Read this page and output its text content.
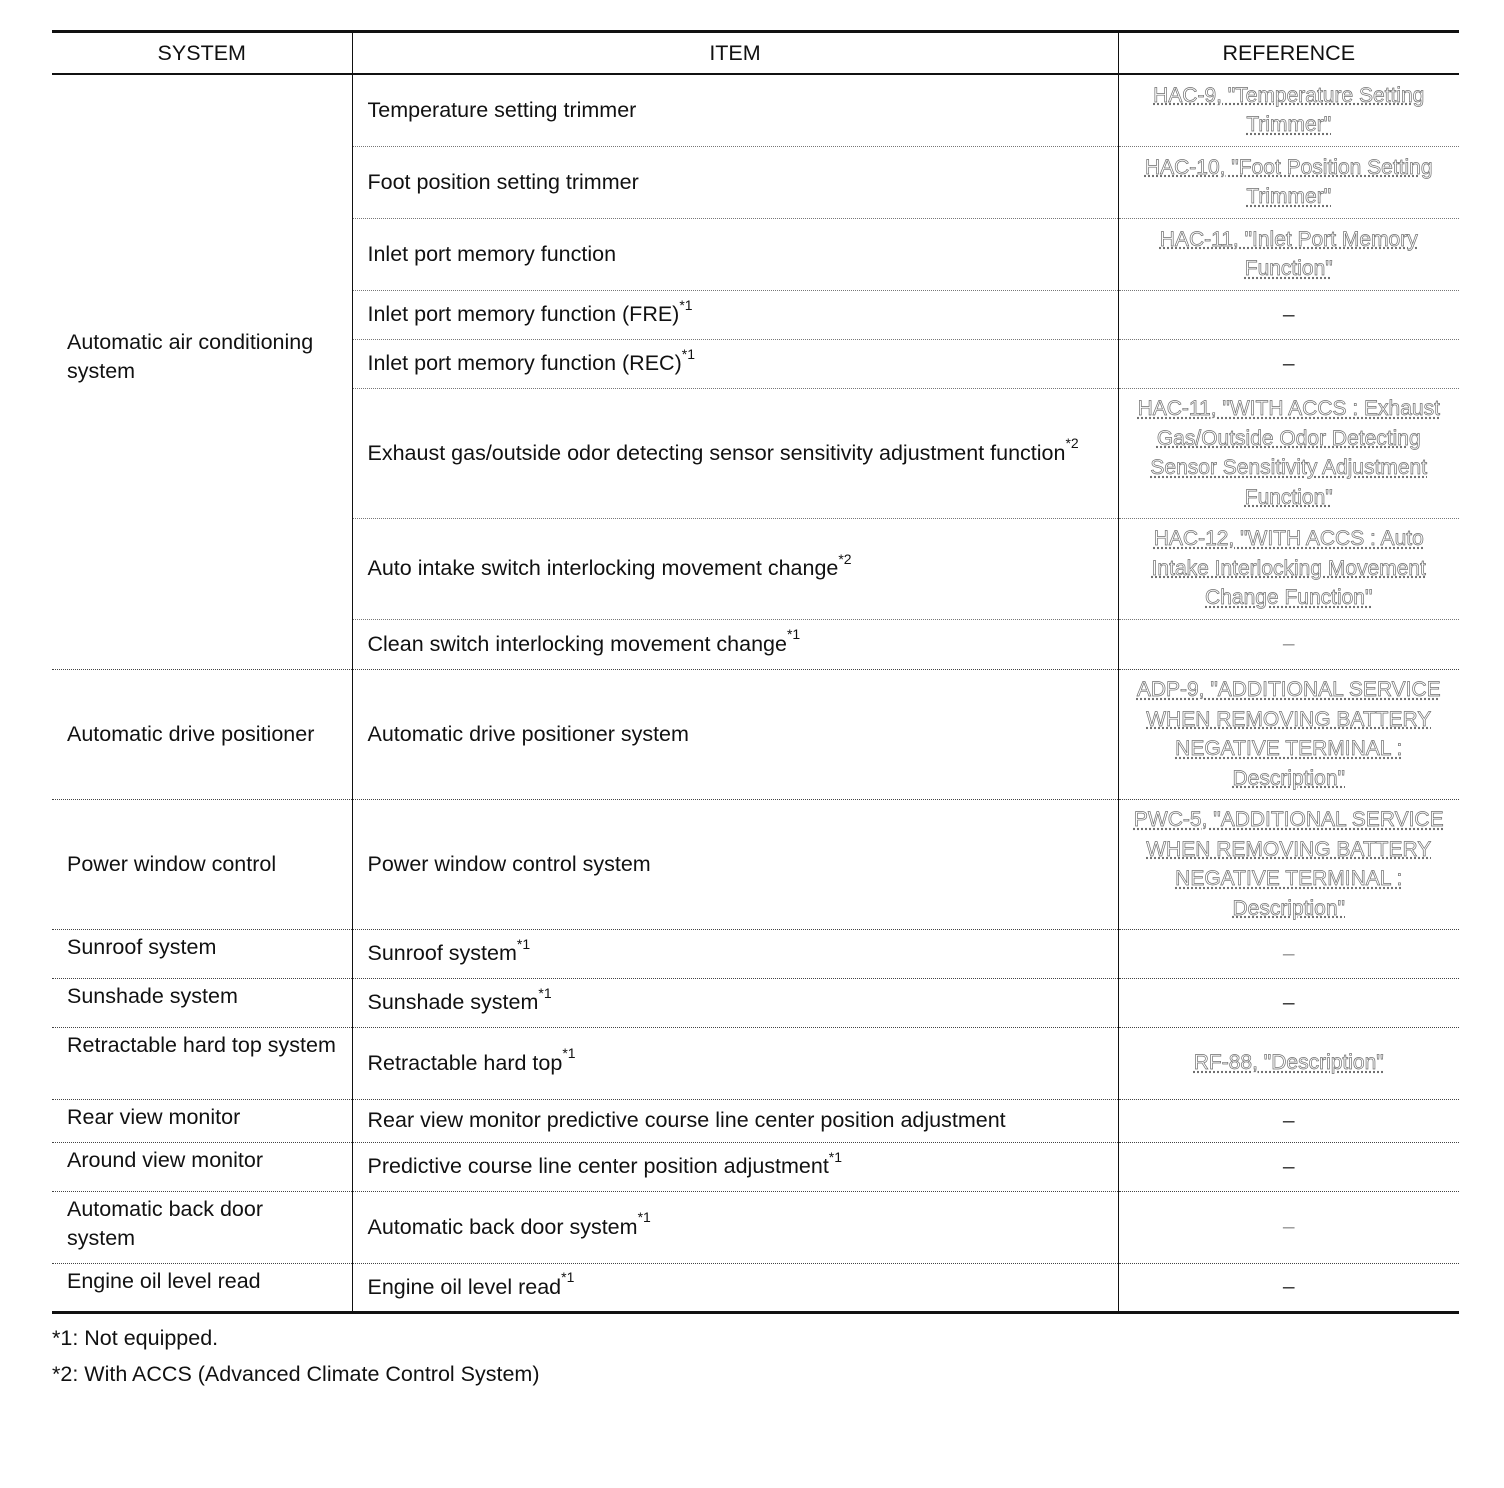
SYSTEM	ITEM	REFERENCE

Automatic air conditioning system	Temperature setting trimmer	HAC-9, "Temperature Setting Trimmer"
	Foot position setting trimmer	HAC-10, "Foot Position Setting Trimmer"
	Inlet port memory function	HAC-11, "Inlet Port Memory Function"
	Inlet port memory function (FRE)$^{*1}$	–
	Inlet port memory function (REC)$^{*1}$	–
	Exhaust gas/outside odor detecting sensor sensitivity adjustment function$^{*2}$	HAC-11, "WITH ACCS : Exhaust Gas/Outside Odor Detecting Sensor Sensitivity Adjustment Function"
	Auto intake switch interlocking movement change$^{*2}$	HAC-12, "WITH ACCS : Auto Intake Interlocking Movement Change Function"
	Clean switch interlocking movement change$^{*1}$	–
Automatic drive positioner	Automatic drive positioner system	ADP-9, "ADDITIONAL SERVICE WHEN REMOVING BATTERY NEGATIVE TERMINAL : Description"
Power window control	Power window control system	PWC-5, "ADDITIONAL SERVICE WHEN REMOVING BATTERY NEGATIVE TERMINAL : Description"
Sunroof system	Sunroof system$^{*1}$	–
Sunshade system	Sunshade system$^{*1}$	–

Retractable hard top system	Retractable hard top$^{*1}$	RF-88, "Description"
Rear view monitor	Rear view monitor predictive course line center position adjustment	–
Around view monitor	Predictive course line center position adjustment$^{*1}$	–

Automatic back door system	Automatic back door system$^{*1}$	–
Engine oil level read	Engine oil level read$^{*1}$	–
*1: Not equipped.
*2: With ACCS (Advanced Climate Control System)
